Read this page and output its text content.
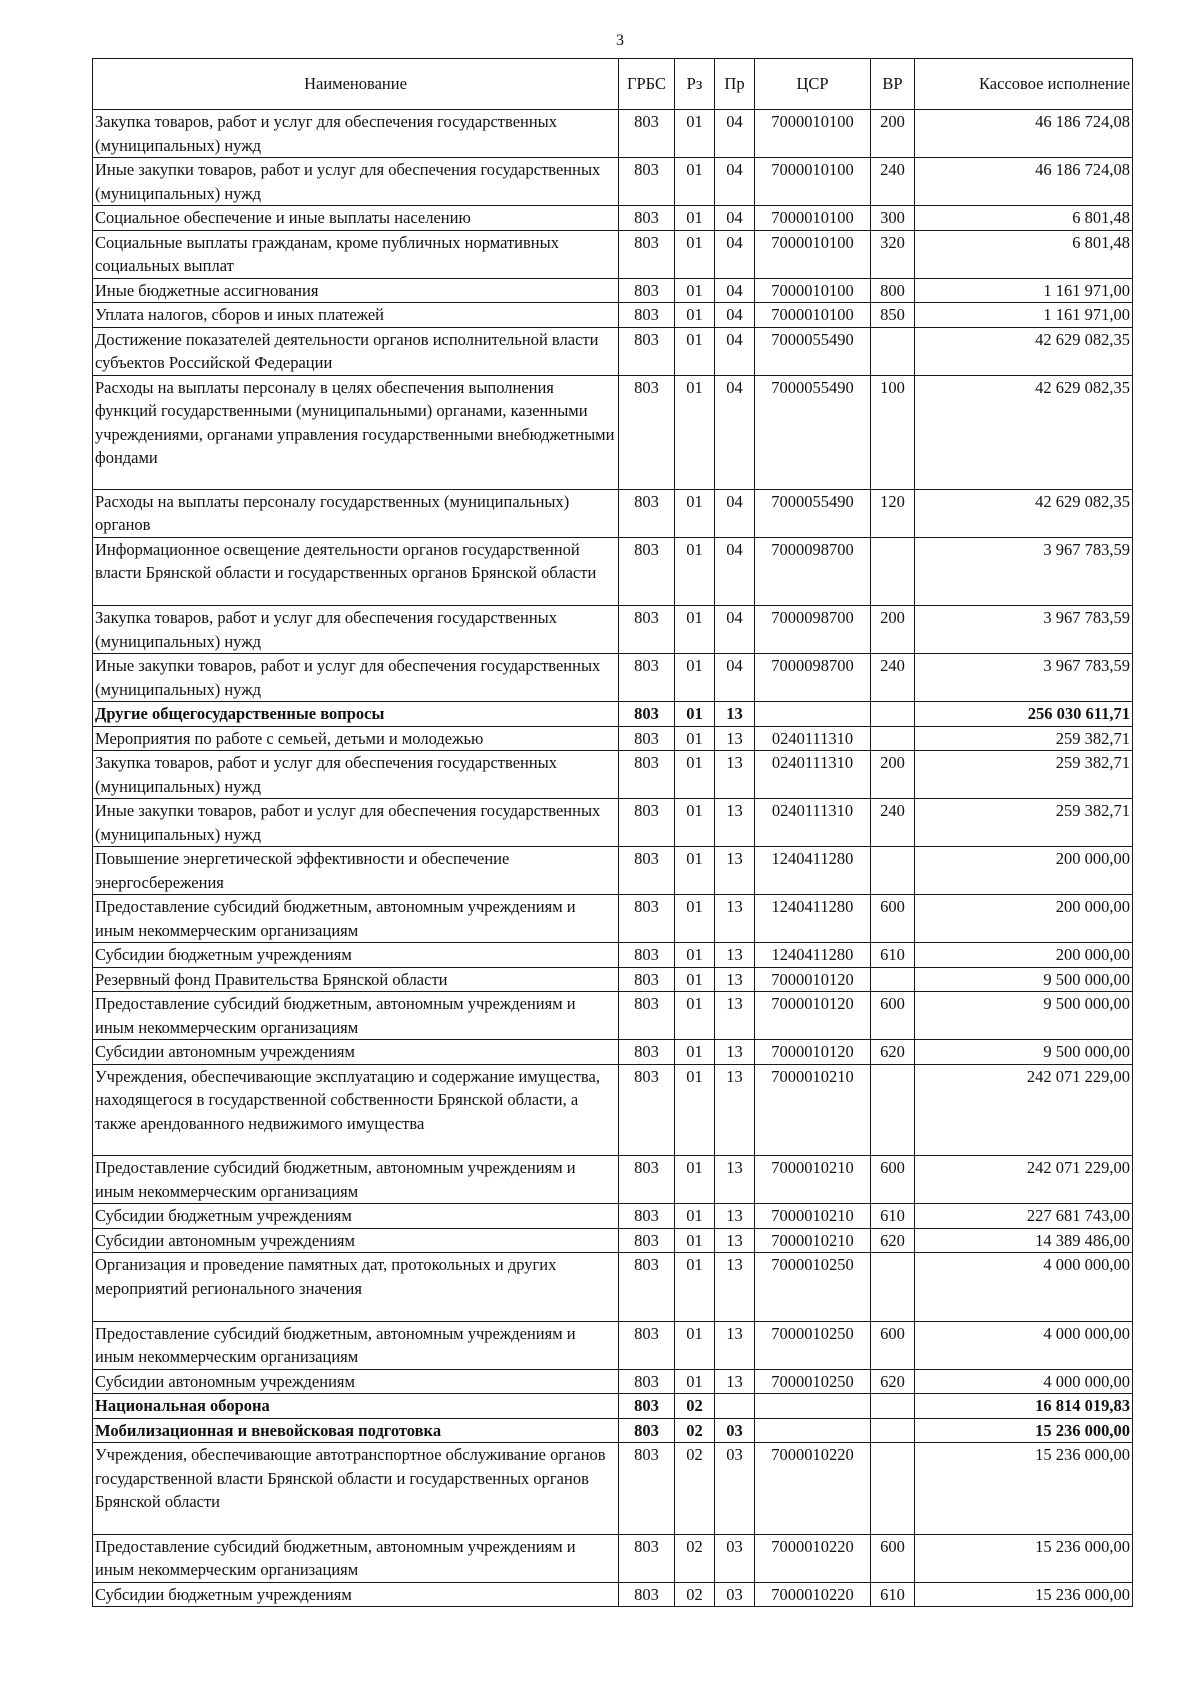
3
Наименование	ГРБС	Рз	Пр	ЦСР	ВР	Кассовое исполнение
Закупка товаров, работ и услуг для обеспечения государственных (муниципальных) нужд	803	01	04	7000010100	200	46 186 724,08
Иные закупки товаров, работ и услуг для обеспечения государственных (муниципальных) нужд	803	01	04	7000010100	240	46 186 724,08
Социальное обеспечение и иные выплаты населению	803	01	04	7000010100	300	6 801,48
Социальные выплаты гражданам, кроме публичных нормативных социальных выплат	803	01	04	7000010100	320	6 801,48
Иные бюджетные ассигнования	803	01	04	7000010100	800	1 161 971,00
Уплата налогов, сборов и иных платежей	803	01	04	7000010100	850	1 161 971,00
Достижение показателей деятельности органов исполнительной власти субъектов Российской Федерации	803	01	04	7000055490		42 629 082,35
Расходы на выплаты персоналу в целях обеспечения выполнения функций государственными (муниципальными) органами, казенными учреждениями, органами управления государственными внебюджетными фондами	803	01	04	7000055490	100	42 629 082,35
Расходы на выплаты персоналу государственных (муниципальных) органов	803	01	04	7000055490	120	42 629 082,35
Информационное освещение деятельности органов государственной власти Брянской области и государственных органов Брянской области	803	01	04	7000098700		3 967 783,59
Закупка товаров, работ и услуг для обеспечения государственных (муниципальных) нужд	803	01	04	7000098700	200	3 967 783,59
Иные закупки товаров, работ и услуг для обеспечения государственных (муниципальных) нужд	803	01	04	7000098700	240	3 967 783,59
Другие общегосударственные вопросы	803	01	13			256 030 611,71
Мероприятия по работе с семьей, детьми и молодежью	803	01	13	0240111310		259 382,71
Закупка товаров, работ и услуг для обеспечения государственных (муниципальных) нужд	803	01	13	0240111310	200	259 382,71
Иные закупки товаров, работ и услуг для обеспечения государственных (муниципальных) нужд	803	01	13	0240111310	240	259 382,71
Повышение энергетической эффективности и обеспечение энергосбережения	803	01	13	1240411280		200 000,00
Предоставление субсидий бюджетным, автономным учреждениям и иным некоммерческим организациям	803	01	13	1240411280	600	200 000,00
Субсидии бюджетным учреждениям	803	01	13	1240411280	610	200 000,00
Резервный фонд Правительства Брянской области	803	01	13	7000010120		9 500 000,00
Предоставление субсидий бюджетным, автономным учреждениям и иным некоммерческим организациям	803	01	13	7000010120	600	9 500 000,00
Субсидии автономным учреждениям	803	01	13	7000010120	620	9 500 000,00
Учреждения, обеспечивающие эксплуатацию и содержание имущества, находящегося в государственной собственности Брянской области, а также арендованного недвижимого имущества	803	01	13	7000010210		242 071 229,00
Предоставление субсидий бюджетным, автономным учреждениям и иным некоммерческим организациям	803	01	13	7000010210	600	242 071 229,00
Субсидии бюджетным учреждениям	803	01	13	7000010210	610	227 681 743,00
Субсидии автономным учреждениям	803	01	13	7000010210	620	14 389 486,00
Организация и проведение памятных дат, протокольных и других мероприятий регионального значения	803	01	13	7000010250		4 000 000,00
Предоставление субсидий бюджетным, автономным учреждениям и иным некоммерческим организациям	803	01	13	7000010250	600	4 000 000,00
Субсидии автономным учреждениям	803	01	13	7000010250	620	4 000 000,00
Национальная оборона	803	02				16 814 019,83
Мобилизационная и вневойсковая подготовка	803	02	03			15 236 000,00
Учреждения, обеспечивающие автотранспортное обслуживание органов государственной власти Брянской области и государственных органов Брянской области	803	02	03	7000010220		15 236 000,00
Предоставление субсидий бюджетным, автономным учреждениям и иным некоммерческим организациям	803	02	03	7000010220	600	15 236 000,00
Субсидии бюджетным учреждениям	803	02	03	7000010220	610	15 236 000,00
